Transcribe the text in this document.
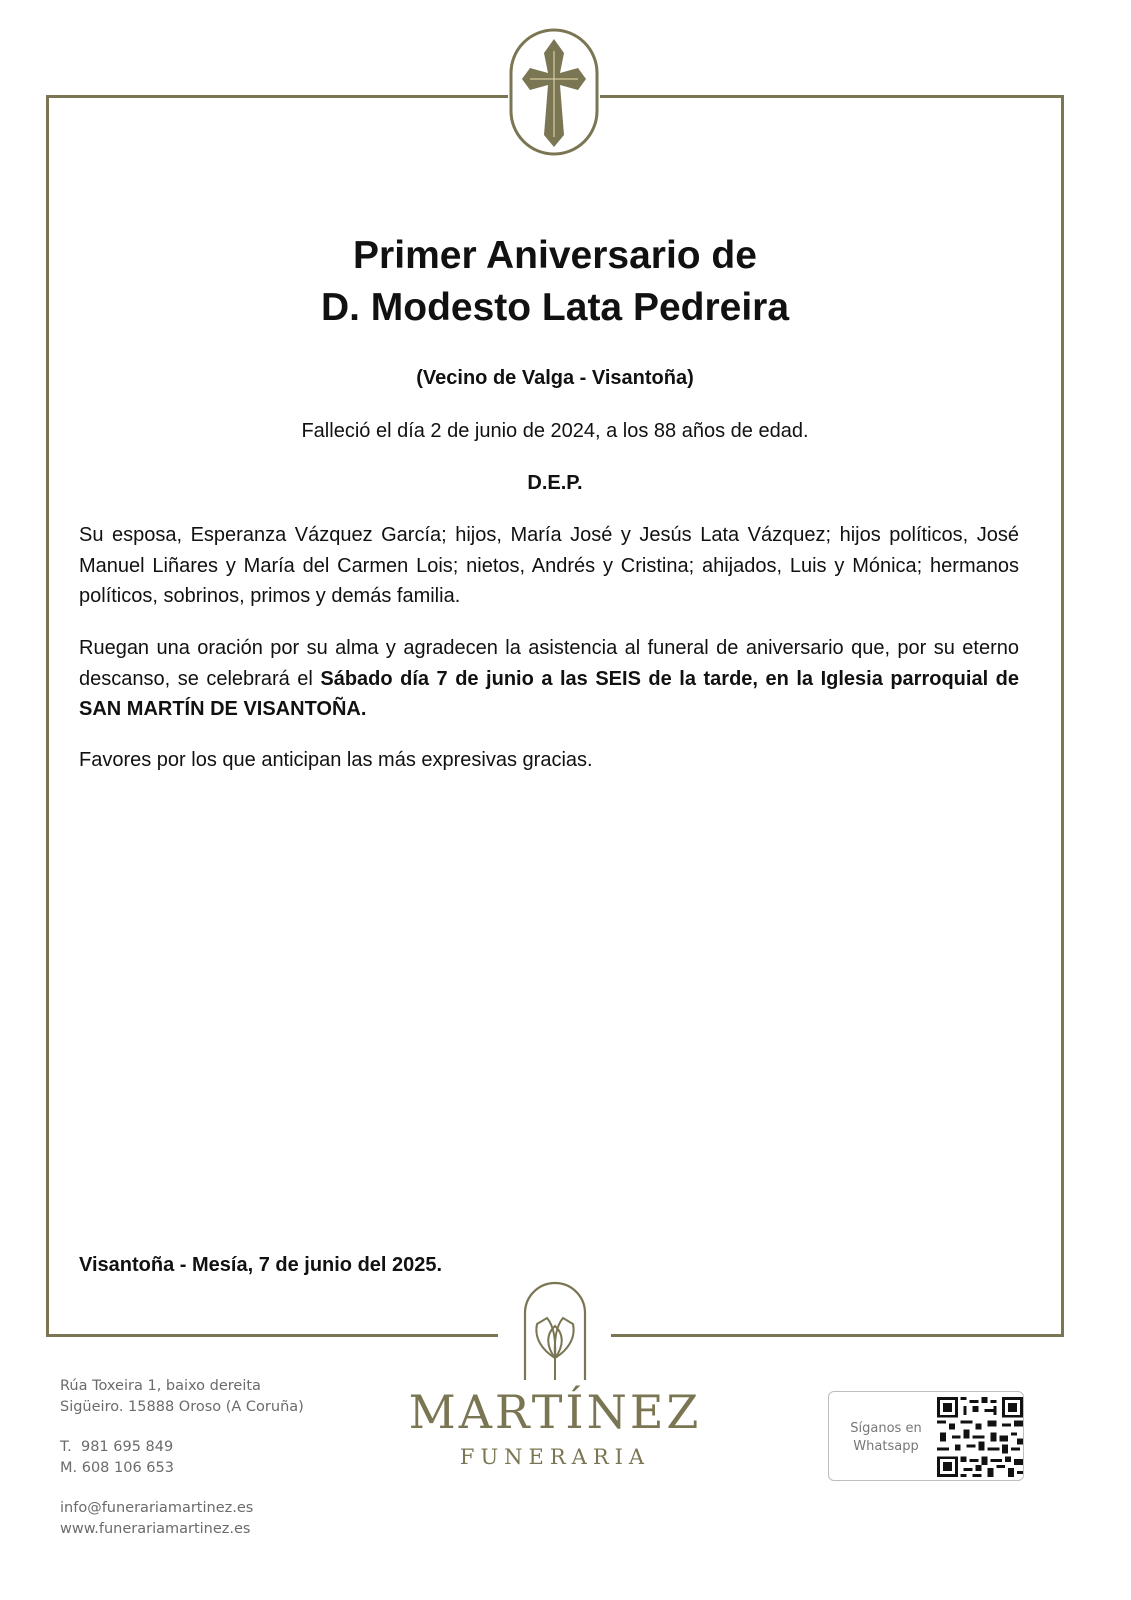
Primer Aniversario de
D. Modesto Lata Pedreira
(Vecino de Valga - Visantoña)
Falleció el día 2 de junio de 2024, a los 88 años de edad.
D.E.P.
Su esposa, Esperanza Vázquez García; hijos, María José y Jesús Lata Vázquez; hijos políticos, José Manuel Liñares y María del Carmen Lois; nietos, Andrés y Cristina; ahijados, Luis y Mónica; hermanos políticos, sobrinos, primos y demás familia.
Ruegan una oración por su alma y agradecen la asistencia al funeral de aniversario que, por su eterno descanso, se celebrará el Sábado día 7 de junio a las SEIS de la tarde, en la Iglesia parroquial de SAN MARTÍN DE VISANTOÑA.
Favores por los que anticipan las más expresivas gracias.
Visantoña - Mesía, 7 de junio del 2025.
Rúa Toxeira 1, baixo dereita
Sigüeiro. 15888 Oroso (A Coruña)
T.  981 695 849
M. 608 106 653
info@funerariamartinez.es
www.funerariamartinez.es
MARTÍNEZ
FUNERARIA
Síganos en
Whatsapp
